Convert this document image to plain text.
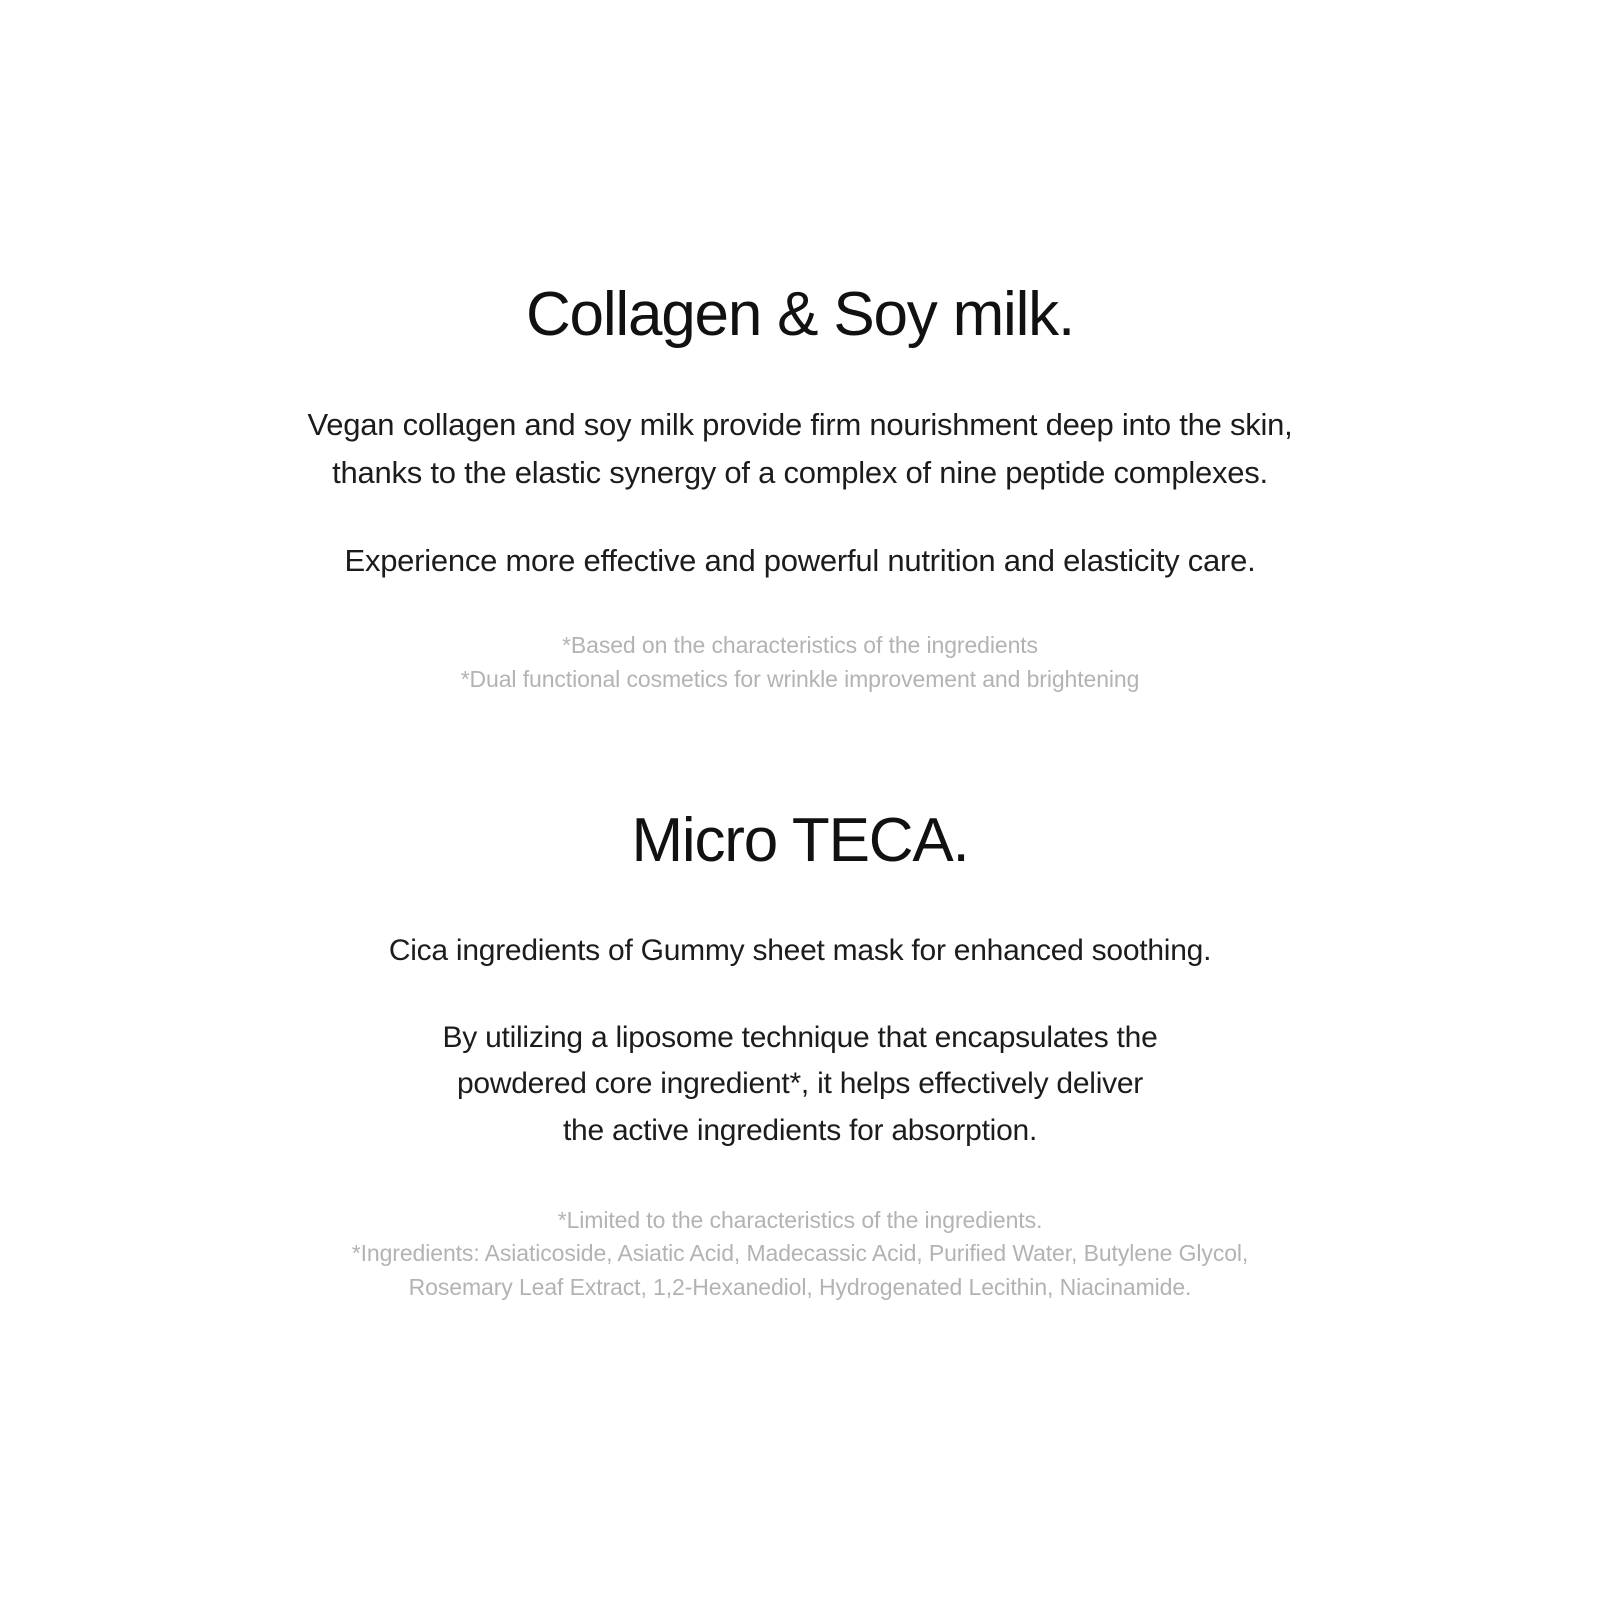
Collagen & Soy milk.

Vegan collagen and soy milk provide firm nourishment deep into the skin,
thanks to the elastic synergy of a complex of nine peptide complexes.

Experience more effective and powerful nutrition and elasticity care.

*Based on the characteristics of the ingredients
*Dual functional cosmetics for wrinkle improvement and brightening

Micro TECA.

Cica ingredients of Gummy sheet mask for enhanced soothing.

By utilizing a liposome technique that encapsulates the
powdered core ingredient*, it helps effectively deliver
the active ingredients for absorption.

*Limited to the characteristics of the ingredients.
*Ingredients: Asiaticoside, Asiatic Acid, Madecassic Acid, Purified Water, Butylene Glycol,
Rosemary Leaf Extract, 1,2-Hexanediol, Hydrogenated Lecithin, Niacinamide.
